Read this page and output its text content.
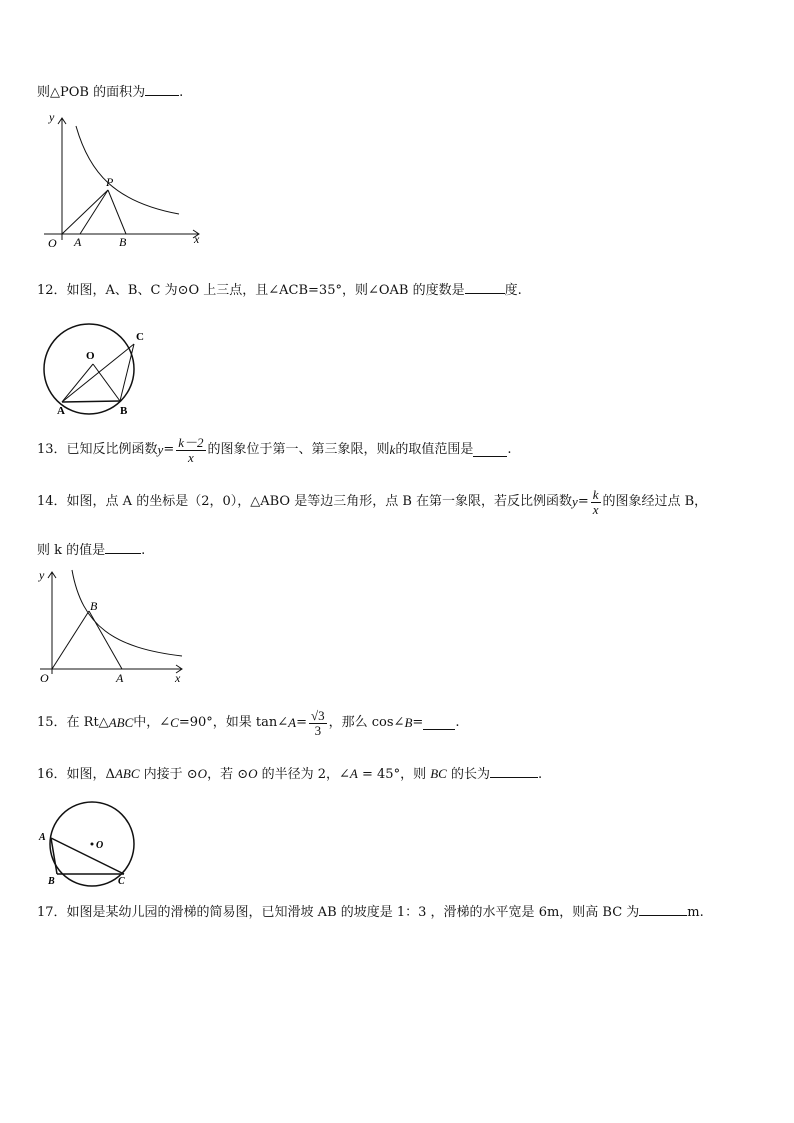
则△POB 的面积为	.
y
x
O A	B
P
12．如图，A、B、C 为⊙O 上三点，且∠ACB=35°，则∠OAB 的度数是	度.
O
A	B
C
13．已知反比例函数 $y = \frac{k-2}{x}$ 的图象位于第一、第三象限，则 k 的取值范围是	.
14．如图，点 A 的坐标是（2，0），△ABO 是等边三角形，点 B 在第一象限，若反比例函数 $y = \frac{k}{x}$ 的图象经过点 B，
则 k 的值是	.
y
x
O	A
B
15．在 Rt△ ABC 中，∠ C =90°，如果 tan∠ $A = \frac{√3}{3}$ ，那么 cos∠ B = .
16．如图，ΔABC 内接于 ⊙O，若 ⊙O 的半径为 2，∠A = 45°，则 BC 的长为	.
O
A
B	C
17．如图是某幼儿园的滑梯的简易图，已知滑坡 AB 的坡度是 1：3 ，滑梯的水平宽是 6m，则高 BC 为	m.
